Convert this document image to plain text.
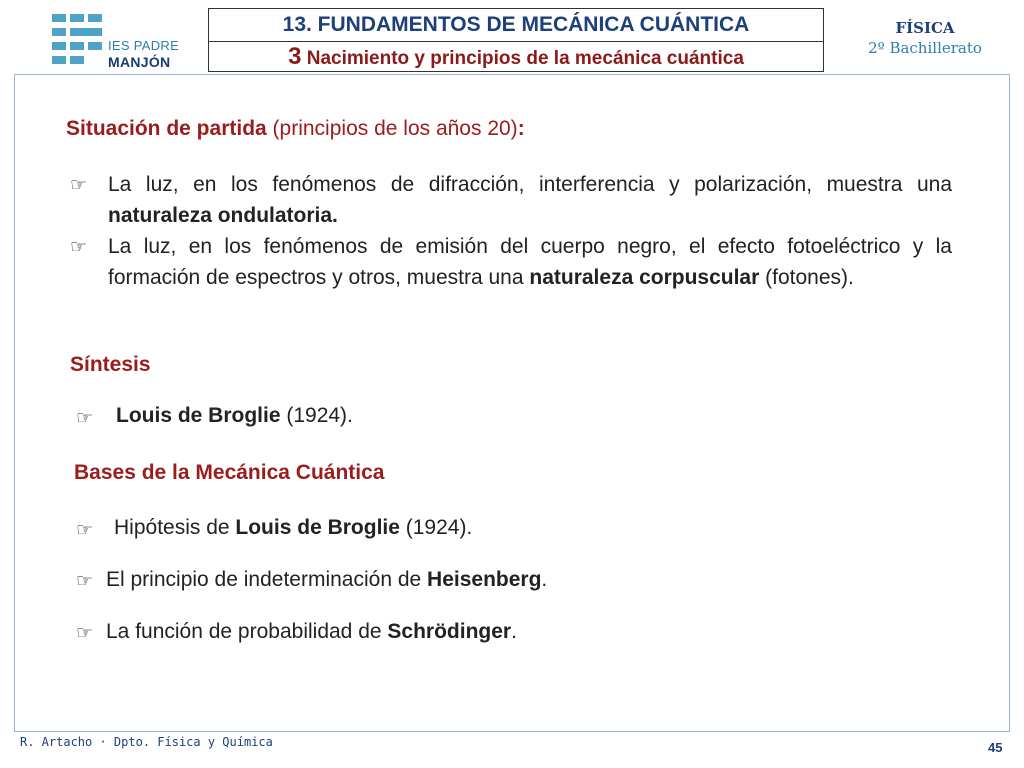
IES PADRE
MANJÓN
13. FUNDAMENTOS DE MECÁNICA CUÁNTICA
3 Nacimiento y principios de la mecánica cuántica
FÍSICA
2º Bachillerato
Situación de partida (principios de los años 20):
☞ La luz, en los fenómenos de difracción, interferencia y polarización, muestra una naturaleza ondulatoria.
☞ La luz, en los fenómenos de emisión del cuerpo negro, el efecto fotoeléctrico y la formación de espectros y otros, muestra una naturaleza corpuscular (fotones).
Síntesis
☞ Louis de Broglie (1924).
Bases de la Mecánica Cuántica
☞ Hipótesis de Louis de Broglie (1924).
☞ El principio de indeterminación de Heisenberg.
☞ La función de probabilidad de Schrödinger.
R. Artacho · Dpto. Física y Química	45
